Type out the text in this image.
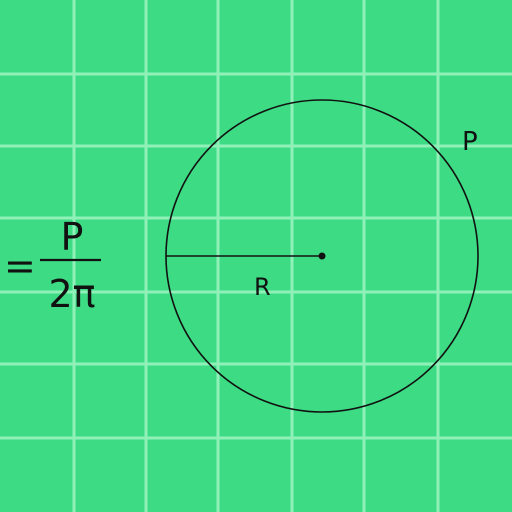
P
R
=
P
2π
